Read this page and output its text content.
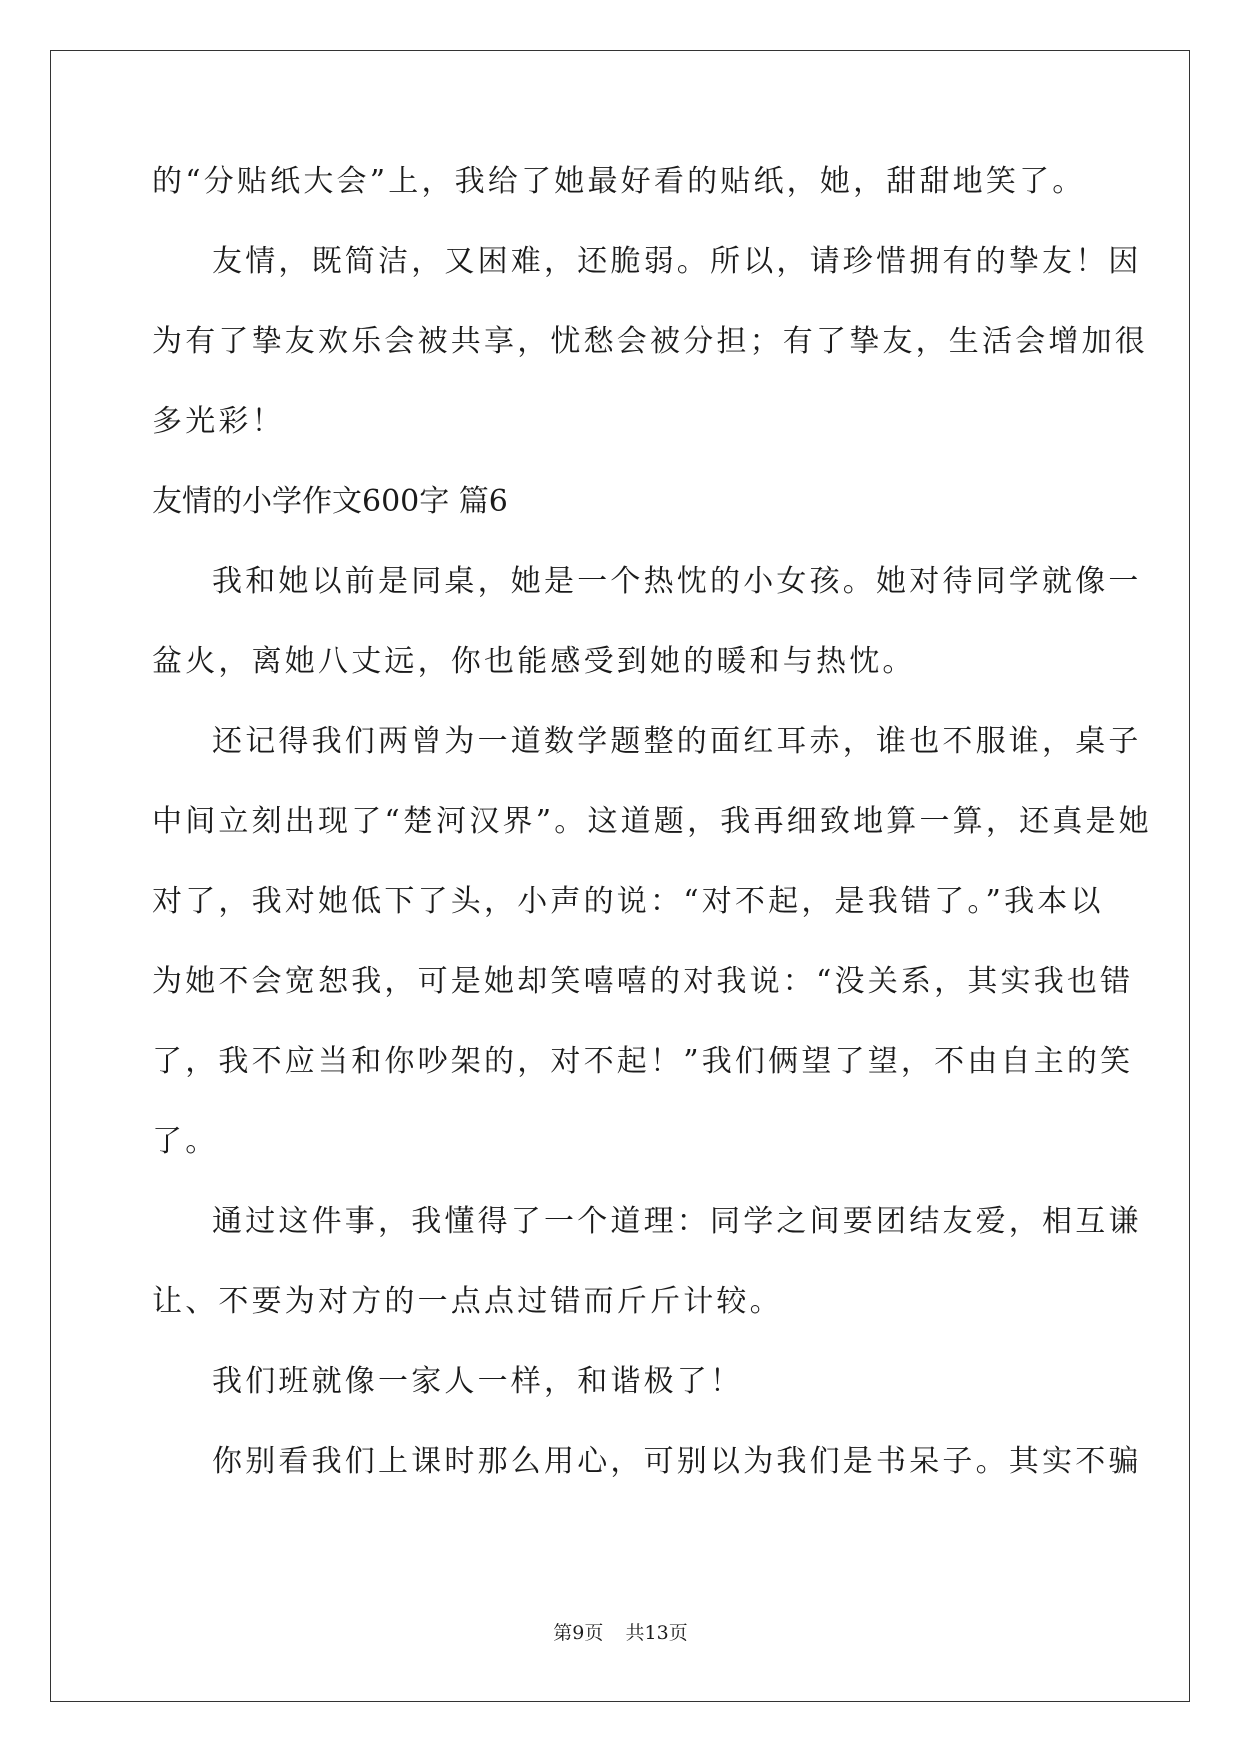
的“分贴纸大会”上，我给了她最好看的贴纸，她，甜甜地笑了。
友情，既简洁，又困难，还脆弱。所以，请珍惜拥有的挚友！因
为有了挚友欢乐会被共享，忧愁会被分担；有了挚友，生活会增加很
多光彩！
友情的小学作文600字 篇6
我和她以前是同桌，她是一个热忱的小女孩。她对待同学就像一
盆火，离她八丈远，你也能感受到她的暖和与热忱。
还记得我们两曾为一道数学题整的面红耳赤，谁也不服谁，桌子
中间立刻出现了“楚河汉界”。这道题，我再细致地算一算，还真是她
对了，我对她低下了头，小声的说：“对不起，是我错了。”我本以
为她不会宽恕我，可是她却笑嘻嘻的对我说：“没关系，其实我也错
了，我不应当和你吵架的，对不起！”我们俩望了望，不由自主的笑
了。
通过这件事，我懂得了一个道理：同学之间要团结友爱，相互谦
让、不要为对方的一点点过错而斤斤计较。
我们班就像一家人一样，和谐极了！
你别看我们上课时那么用心，可别以为我们是书呆子。其实不骗
第9页 共13页
